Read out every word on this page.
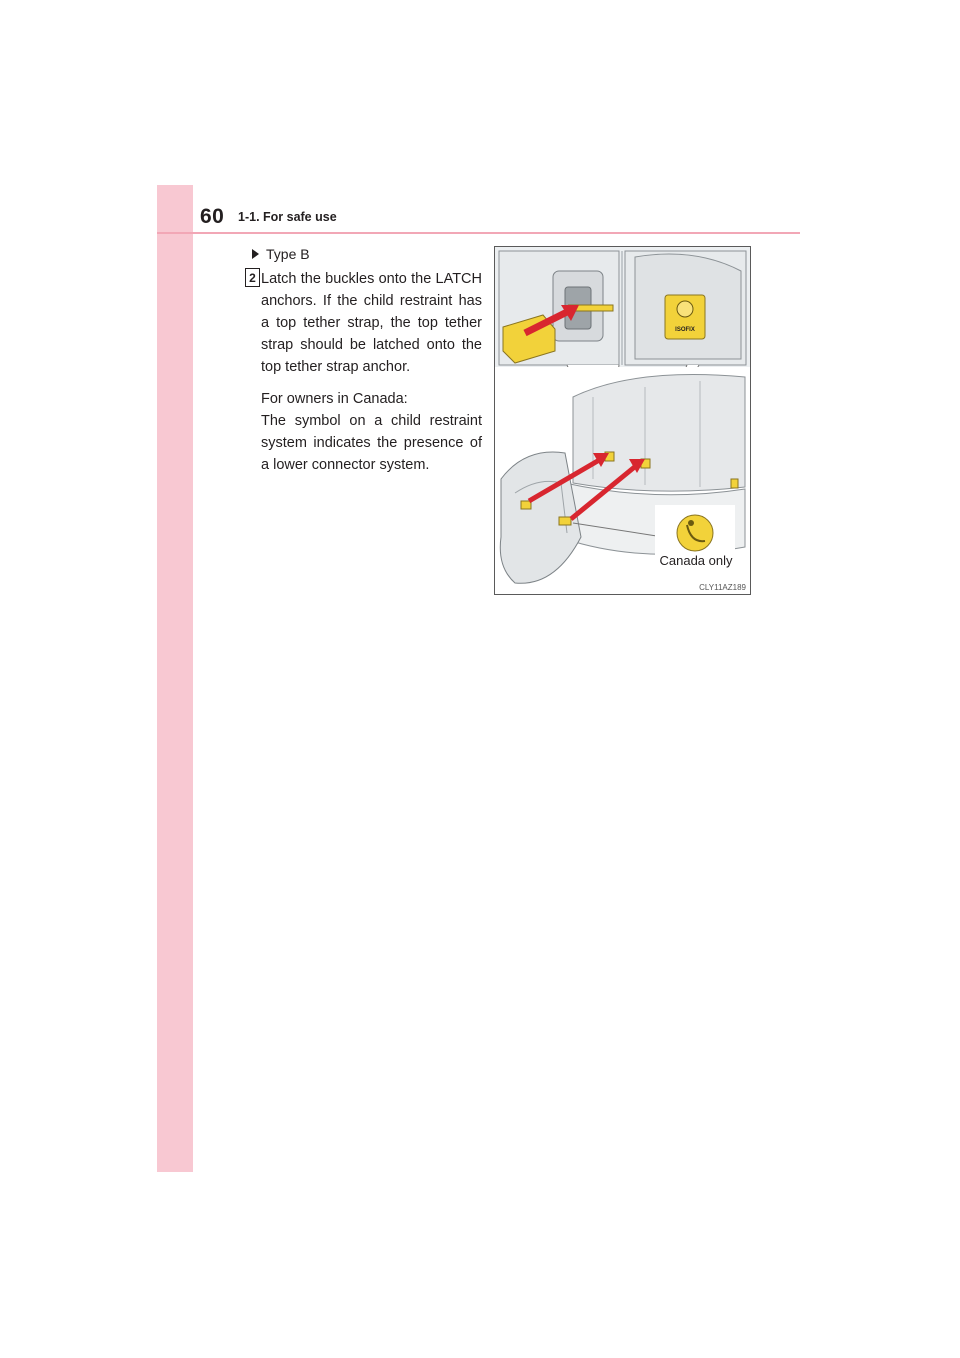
60 1-1. For safe use
Type B
2 Latch the buckles onto the LATCH anchors. If the child restraint has a top tether strap, the top tether strap should be latched onto the top tether strap anchor.

For owners in Canada:

The symbol on a child restraint system indicates the presence of a lower connector system.

ISOFIX
Canada only
CLY11AZ189
